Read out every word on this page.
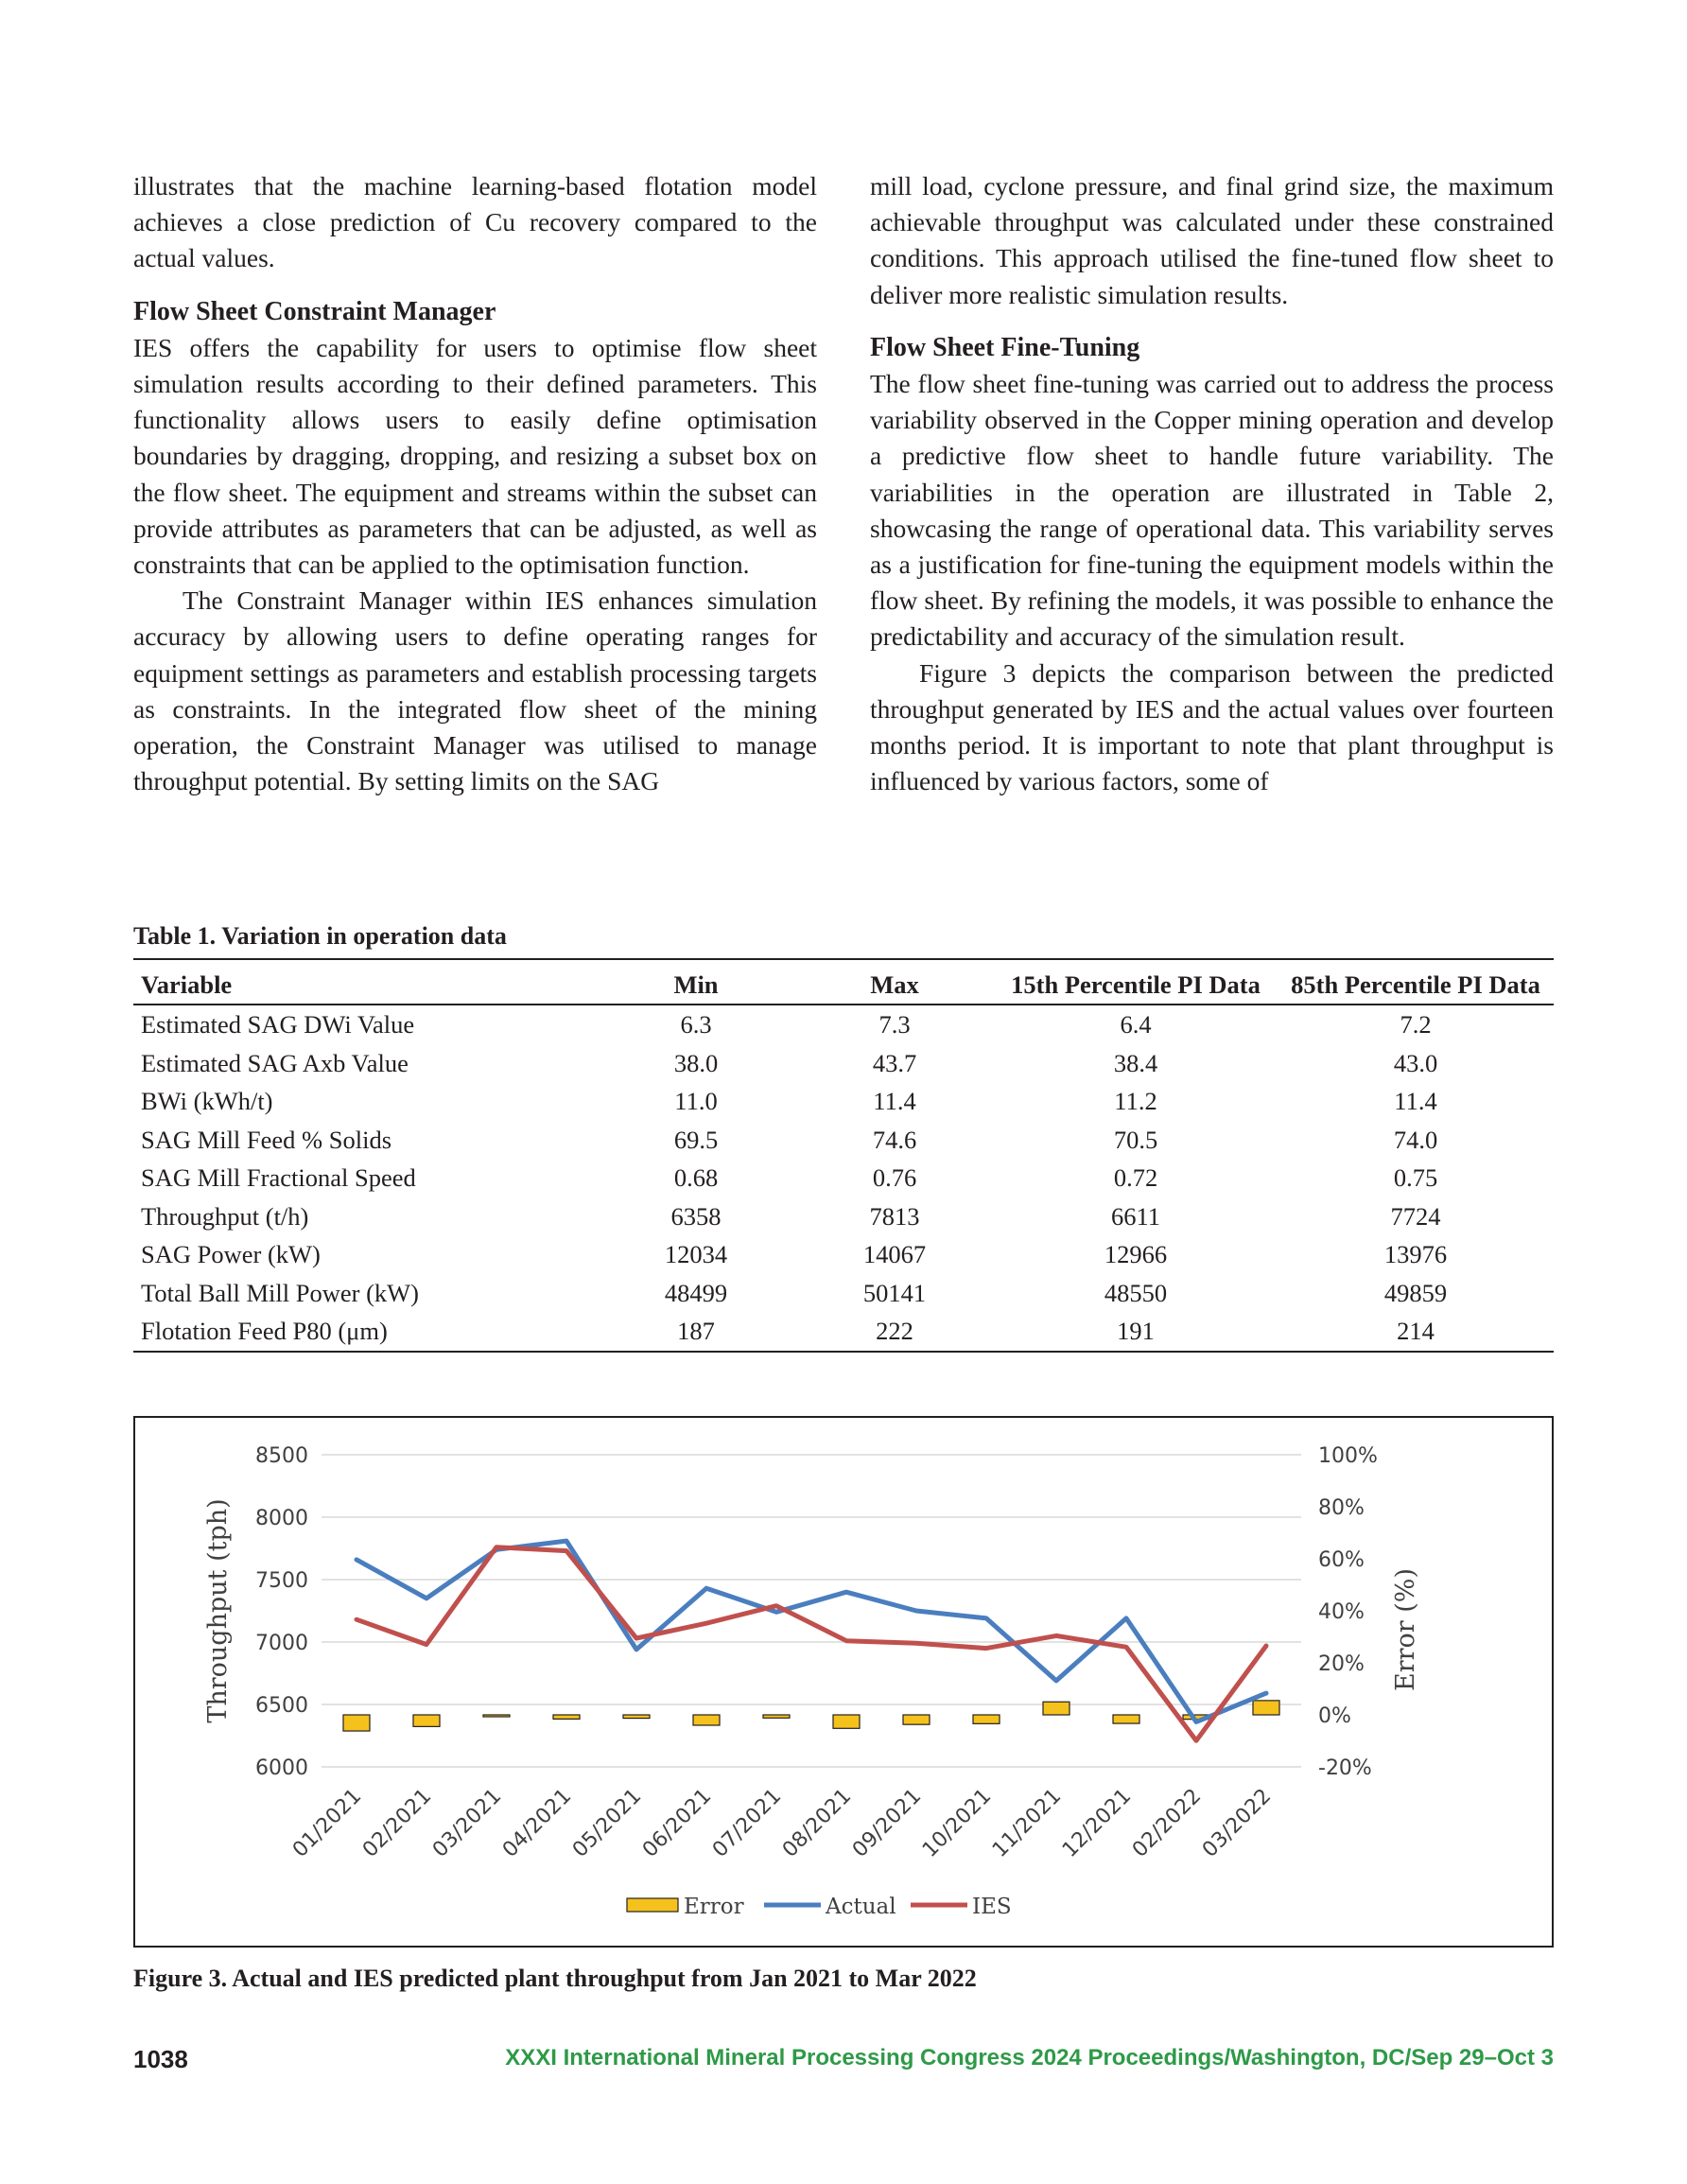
illustrates that the machine learning-based flotation model achieves a close prediction of Cu recovery compared to the actual values.

Flow Sheet Constraint Manager

IES offers the capability for users to optimise flow sheet simulation results according to their defined parameters. This functionality allows users to easily define optimisation boundaries by dragging, dropping, and resizing a subset box on the flow sheet. The equipment and streams within the subset can provide attributes as parameters that can be adjusted, as well as constraints that can be applied to the optimisation function.

The Constraint Manager within IES enhances simulation accuracy by allowing users to define operating ranges for equipment settings as parameters and establish processing targets as constraints. In the integrated flow sheet of the mining operation, the Constraint Manager was utilised to manage throughput potential. By setting limits on the SAG

mill load, cyclone pressure, and final grind size, the maximum achievable throughput was calculated under these constrained conditions. This approach utilised the fine-tuned flow sheet to deliver more realistic simulation results.

Flow Sheet Fine-Tuning

The flow sheet fine-tuning was carried out to address the process variability observed in the Copper mining operation and develop a predictive flow sheet to handle future variability. The variabilities in the operation are illustrated in Table 2, showcasing the range of operational data. This variability serves as a justification for fine-tuning the equipment models within the flow sheet. By refining the models, it was possible to enhance the predictability and accuracy of the simulation result.

Figure 3 depicts the comparison between the predicted throughput generated by IES and the actual values over fourteen months period. It is important to note that plant throughput is influenced by various factors, some of

Table 1. Variation in operation data
Variable	Min	Max	15th Percentile PI Data	85th Percentile PI Data
Estimated SAG DWi Value	6.3	7.3	6.4	7.2
Estimated SAG Axb Value	38.0	43.7	38.4	43.0
BWi (kWh/t)	11.0	11.4	11.2	11.4
SAG Mill Feed % Solids	69.5	74.6	70.5	74.0
SAG Mill Fractional Speed	0.68	0.76	0.72	0.75
Throughput (t/h)	6358	7813	6611	7724
SAG Power (kW)	12034	14067	12966	13976
Total Ball Mill Power (kW)	48499	50141	48550	49859
Flotation Feed P80 (μm)	187	222	191	214
6000
6500
7000
7500
8000
8500
-20%
0%
20%
40%
60%
80%
100%
Throughput (tph)	Error (%)
01/2021
02/2021
03/2021
04/2021
05/2021
06/2021
07/2021
08/2021
09/2021
10/2021
11/2021
12/2021
02/2022
03/2022
Error	Actual	IES
Figure 3. Actual and IES predicted plant throughput from Jan 2021 to Mar 2022
1038	XXXI International Mineral Processing Congress 2024 Proceedings/Washington, DC/Sep 29–Oct 3
